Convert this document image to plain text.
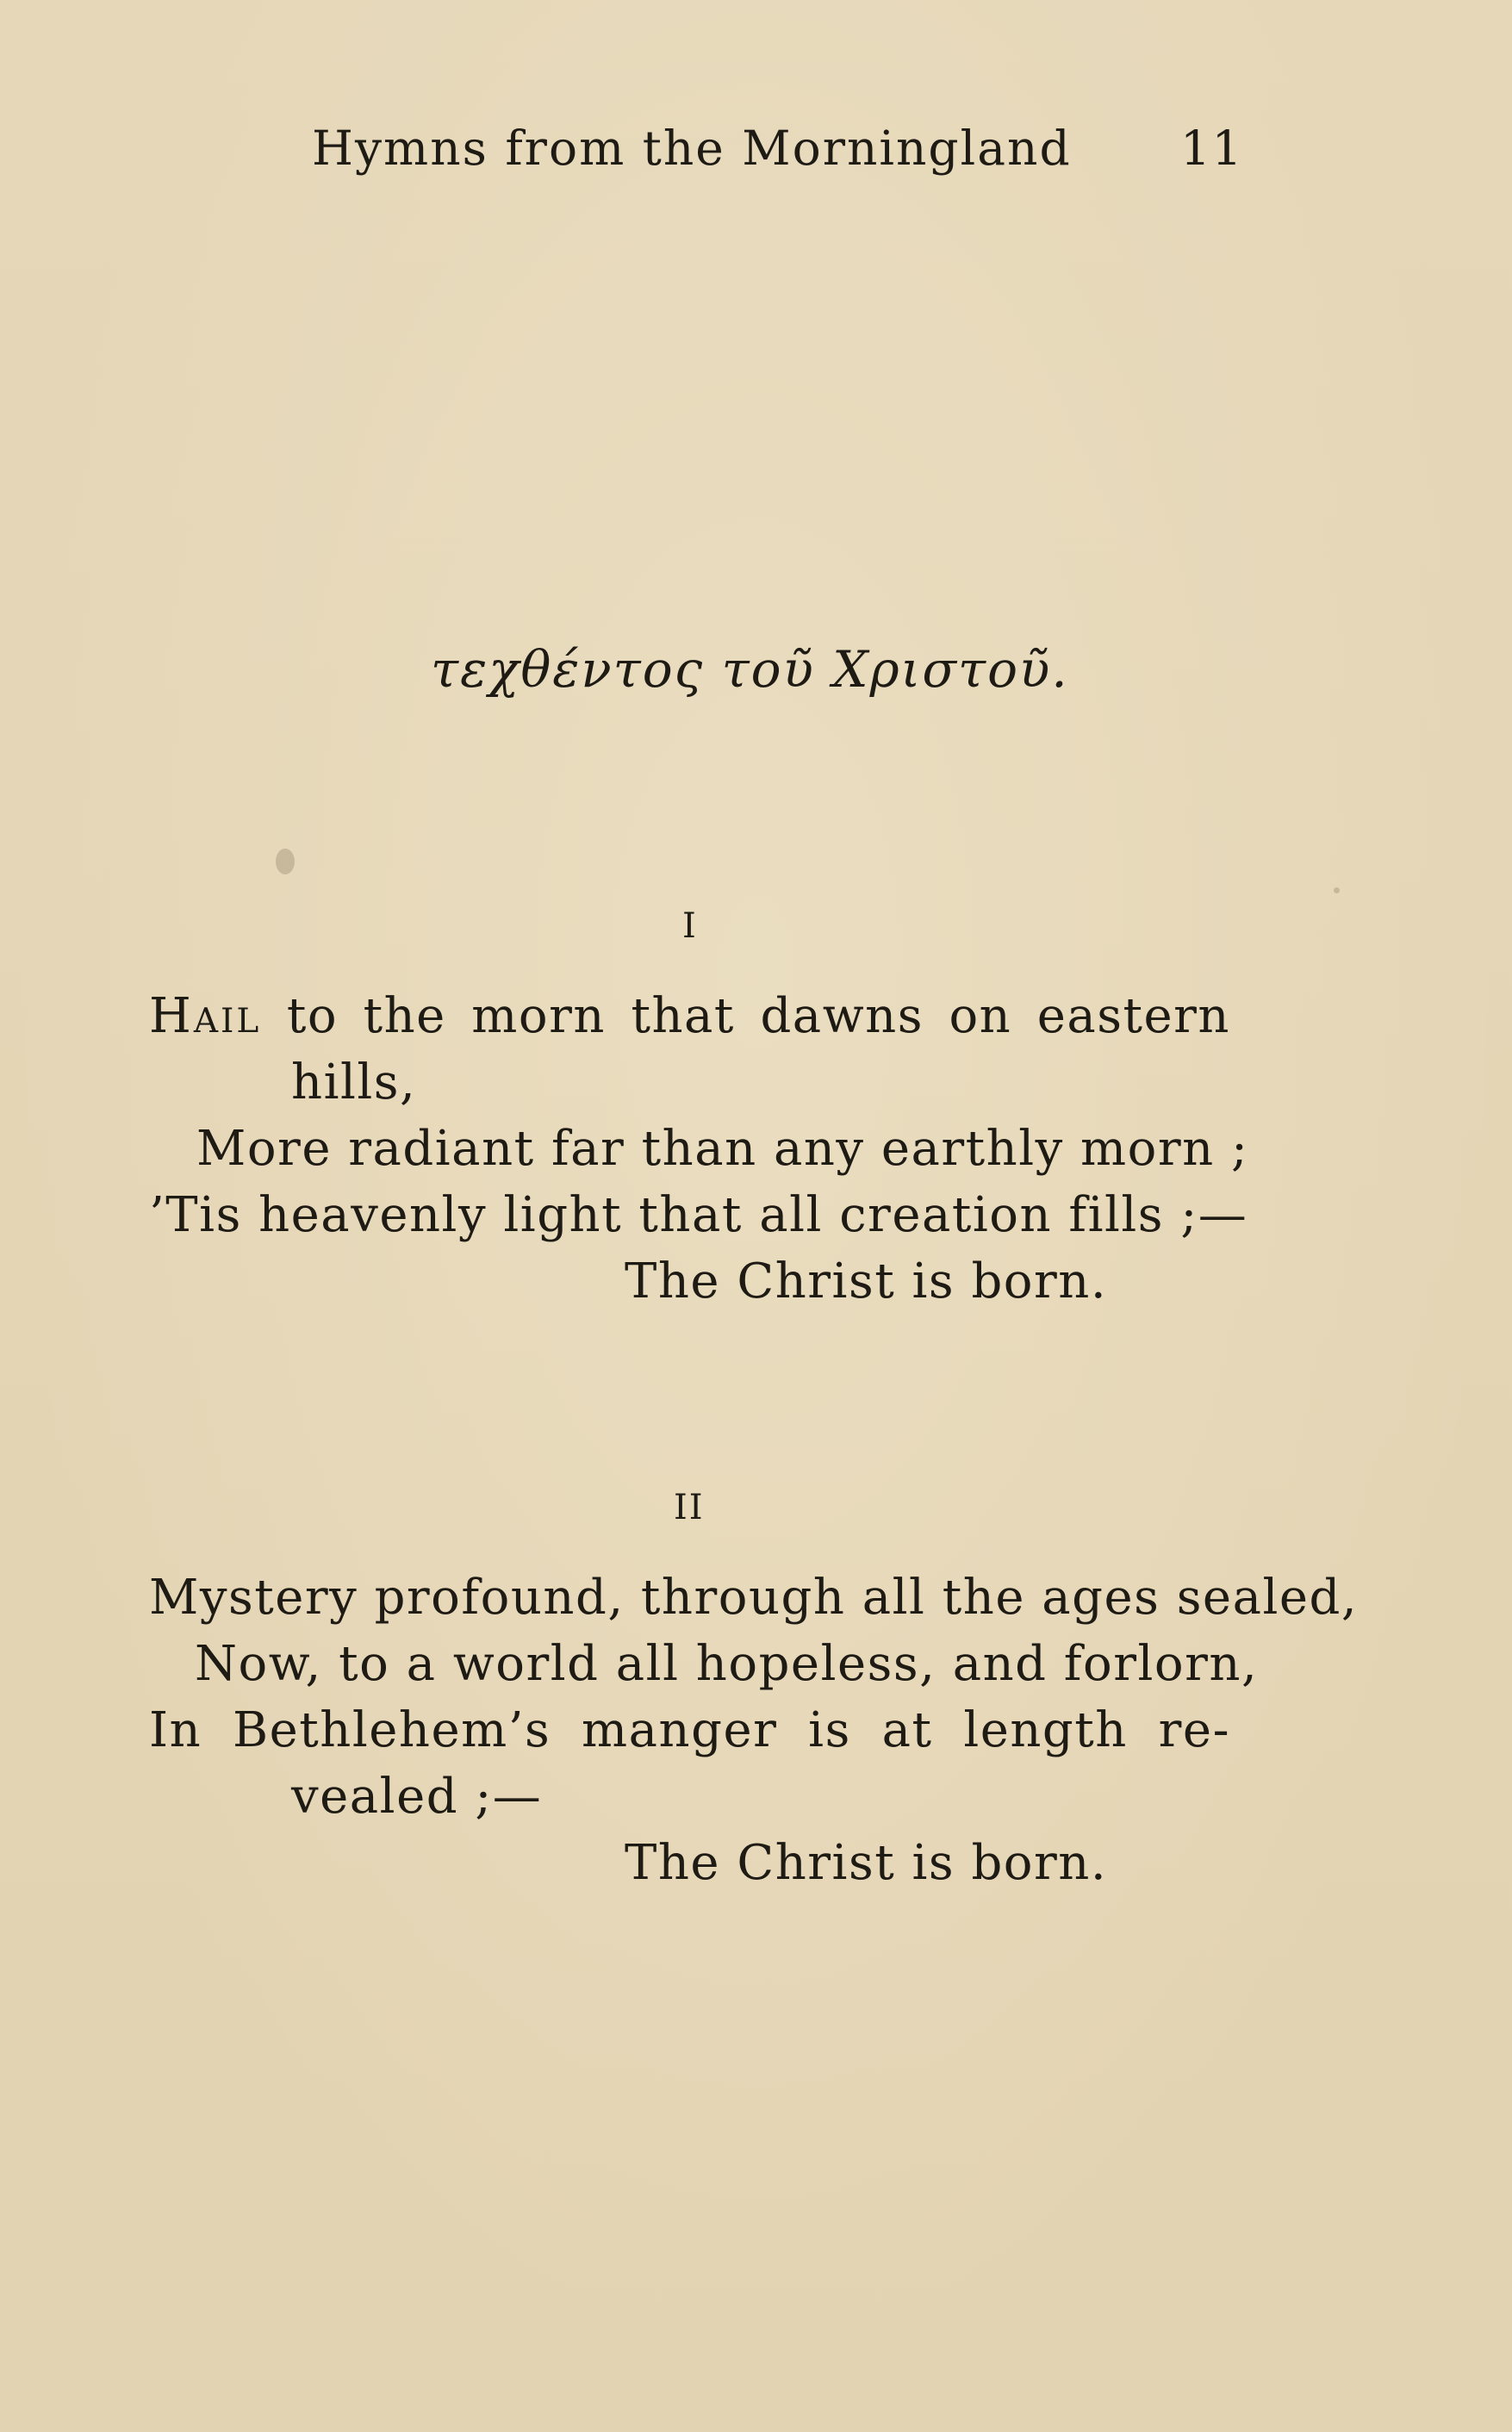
Hymns from the Morningland 11
τεχθέντος τοῦ Χριστοῦ.
I
Hail to the morn that dawns on eastern
hills,
More radiant far than any earthly morn ;
’Tis heavenly light that all creation fills ;—
The Christ is born.
II
Mystery profound, through all the ages sealed,
Now, to a world all hopeless, and forlorn,
In Bethlehem’s manger is at length re-
vealed ;—
The Christ is born.
